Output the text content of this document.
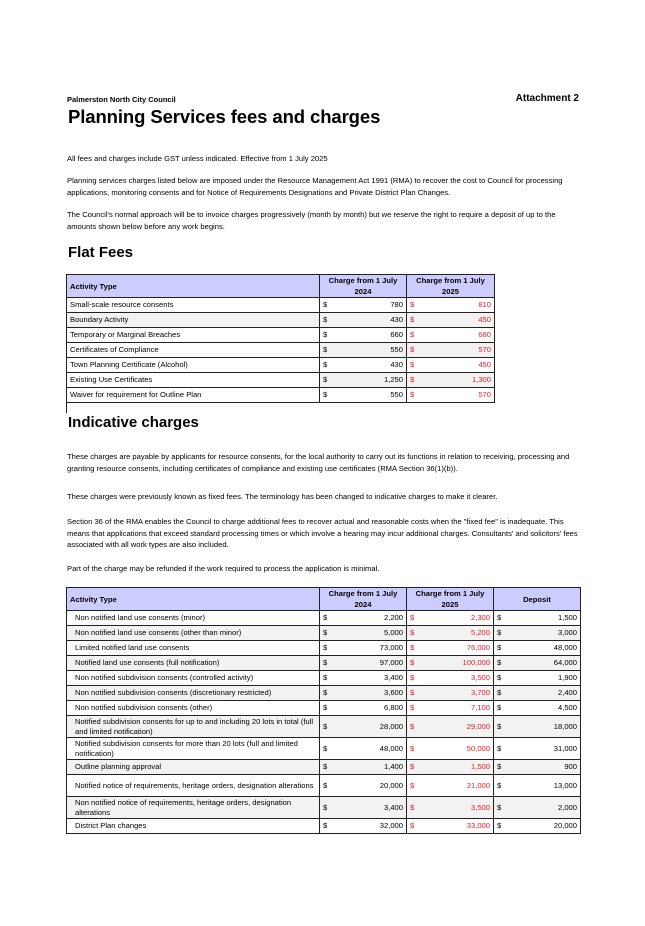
Palmerston North City Council	Attachment 2
Planning Services fees and charges
All fees and charges include GST unless indicated. Effective from 1 July 2025
Planning services charges listed below are imposed under the Resource Management Act 1991 (RMA) to recover the cost to Council for processing applications, monitoring consents and for Notice of Requirements Designations and Private District Plan Changes.
The Council's normal approach will be to invoice charges progressively (month by month) but we reserve the right to require a deposit of up to the amounts shown below before any work begins.
Flat Fees
Activity Type	Charge from 1 July 2024	Charge from 1 July 2025
Small-scale resource consents	$ 780	$ 810

Boundary Activity	$ 430	$ 450

Temporary or Marginal Breaches	$ 660	$ 680

Certificates of Compliance	$ 550	$ 570

Town Planning Certificate (Alcohol)	$ 430	$ 450

Existing Use Certificates	$ 1,250	$ 1,300

Waiver for requirement for Outline Plan	$ 550	$ 570
Indicative charges
These charges are payable by applicants for resource consents, for the local authority to carry out its functions in relation to receiving, processing and granting resource consents, including certificates of compliance and existing use certificates (RMA Section 36(1)(b)).
These charges were previously known as fixed fees. The terminology has been changed to indicative charges to make it clearer.
Section 36 of the RMA enables the Council to charge additional fees to recover actual and reasonable costs when the "fixed fee" is inadequate. This means that applications that exceed standard processing times or which involve a hearing may incur additional charges. Consultants' and solicitors' fees associated with all work types are also included.
Part of the charge may be refunded if the work required to process the application is minimal.
Activity Type	Charge from 1 July 2024	Charge from 1 July 2025	Deposit
Non notified land use consents (minor)	$ 2,200	$ 2,300	$ 1,500

Non notified land use consents (other than minor)	$ 5,000	$ 5,200	$ 3,000

Limited notified land use consents	$ 73,000	$ 76,000	$ 48,000

Notified land use consents (full notification)	$ 97,000	$ 100,000	$ 64,000

Non notified subdivision consents (controlled activity)	$ 3,400	$ 3,500	$ 1,900

Non notified subdivision consents (discretionary restricted)	$ 3,600	$ 3,700	$ 2,400

Non notified subdivision consents (other)	$ 6,800	$ 7,100	$ 4,500

Notified subdivision consents for up to and including 20 lots in total (full and limited notification)	$ 28,000	$ 29,000	$ 18,000

Notified subdivision consents for more than 20 lots (full and limited notification)	$ 48,000	$ 50,000	$ 31,000

Outline planning approval	$ 1,400	$ 1,500	$ 900

Notified notice of requirements, heritage orders, designation alterations	$ 20,000	$ 21,000	$ 13,000

Non notified notice of requirements, heritage orders, designation alterations	$ 3,400	$ 3,500	$ 2,000

District Plan changes	$ 32,000	$ 33,000	$ 20,000
